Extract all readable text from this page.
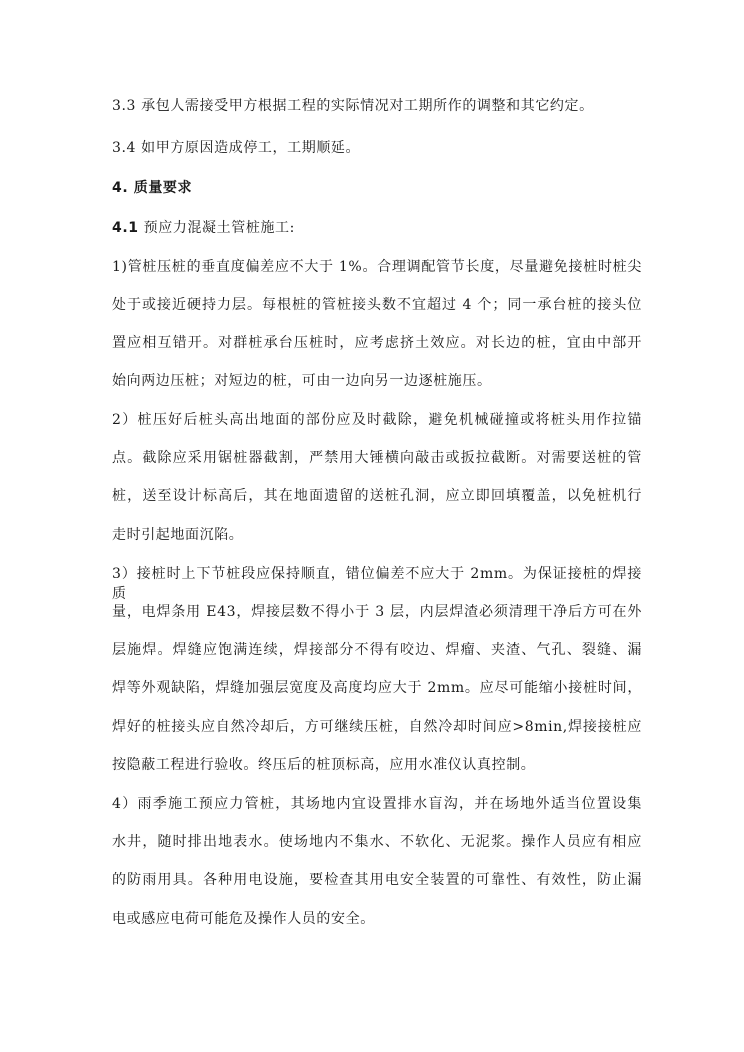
3.3 承包人需接受甲方根据工程的实际情况对工期所作的调整和其它约定。
3.4 如甲方原因造成停工，工期顺延。
4. 质量要求
4.1 预应力混凝土管桩施工:
1)管桩压桩的垂直度偏差应不大于 1%。合理调配管节长度，尽量避免接桩时桩尖
处于或接近硬持力层。每根桩的管桩接头数不宜超过 4 个；同一承台桩的接头位
置应相互错开。对群桩承台压桩时，应考虑挤土效应。对长边的桩，宜由中部开
始向两边压桩；对短边的桩，可由一边向另一边逐桩施压。
2）桩压好后桩头高出地面的部份应及时截除，避免机械碰撞或将桩头用作拉锚
点。截除应采用锯桩器截割，严禁用大锤横向敲击或扳拉截断。对需要送桩的管
桩，送至设计标高后，其在地面遗留的送桩孔洞，应立即回填覆盖，以免桩机行
走时引起地面沉陷。
3）接桩时上下节桩段应保持顺直，错位偏差不应大于 2mm。为保证接桩的焊接质
量，电焊条用 E43，焊接层数不得小于 3 层，内层焊渣必须清理干净后方可在外
层施焊。焊缝应饱满连续，焊接部分不得有咬边、焊瘤、夹渣、气孔、裂缝、漏
焊等外观缺陷，焊缝加强层宽度及高度均应大于 2mm。应尽可能缩小接桩时间，
焊好的桩接头应自然冷却后，方可继续压桩，自然冷却时间应>8min,焊接接桩应
按隐蔽工程进行验收。终压后的桩顶标高，应用水准仪认真控制。
4）雨季施工预应力管桩，其场地内宜设置排水盲沟，并在场地外适当位置设集
水井，随时排出地表水。使场地内不集水、不软化、无泥浆。操作人员应有相应
的防雨用具。各种用电设施，要检查其用电安全装置的可靠性、有效性，防止漏
电或感应电荷可能危及操作人员的安全。
